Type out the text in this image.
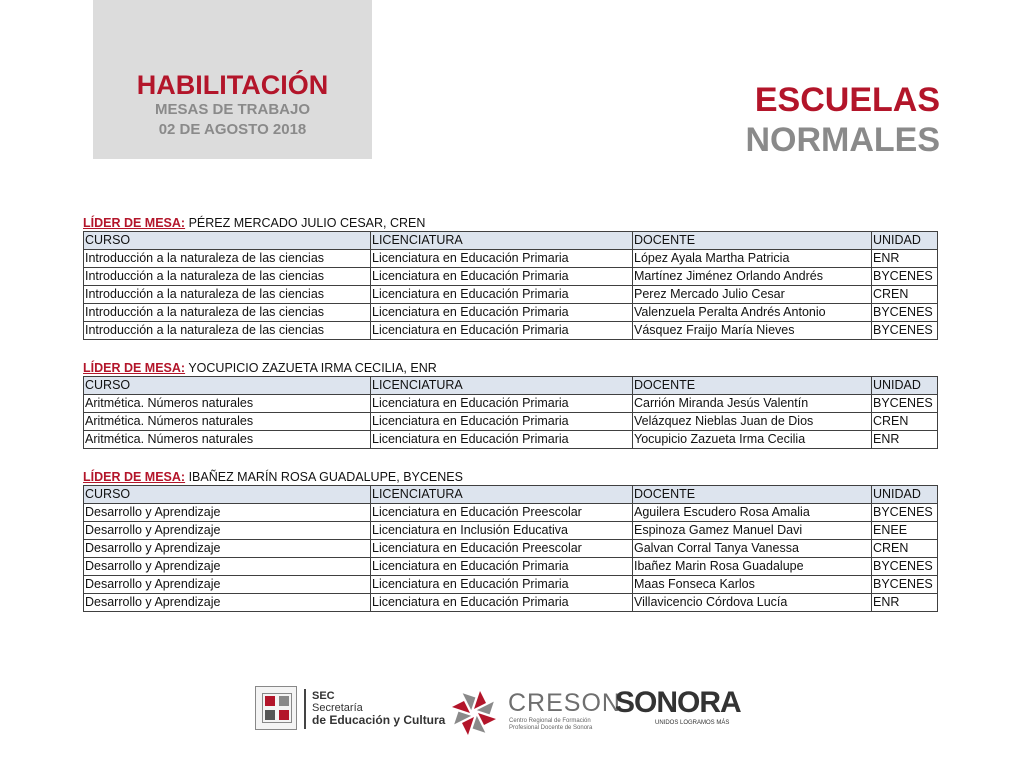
HABILITACIÓN
MESAS DE TRABAJO
02 DE AGOSTO 2018
ESCUELAS NORMALES
LÍDER DE MESA: PÉREZ MERCADO JULIO CESAR, CREN
CURSO	LICENCIATURA	DOCENTE	UNIDAD
Introducción a la naturaleza de las ciencias	Licenciatura en Educación Primaria	López Ayala Martha Patricia	ENR
Introducción a la naturaleza de las ciencias	Licenciatura en Educación Primaria	Martínez Jiménez Orlando Andrés	BYCENES
Introducción a la naturaleza de las ciencias	Licenciatura en Educación Primaria	Perez Mercado Julio Cesar	CREN
Introducción a la naturaleza de las ciencias	Licenciatura en Educación Primaria	Valenzuela Peralta Andrés Antonio	BYCENES
Introducción a la naturaleza de las ciencias	Licenciatura en Educación Primaria	Vásquez Fraijo María Nieves	BYCENES
LÍDER DE MESA: YOCUPICIO ZAZUETA IRMA CECILIA, ENR
CURSO	LICENCIATURA	DOCENTE	UNIDAD
Aritmética. Números naturales	Licenciatura en Educación Primaria	Carrión Miranda Jesús Valentín	BYCENES
Aritmética. Números naturales	Licenciatura en Educación Primaria	Velázquez Nieblas Juan de Dios	CREN
Aritmética. Números naturales	Licenciatura en Educación Primaria	Yocupicio Zazueta Irma Cecilia	ENR
LÍDER DE MESA: IBAÑEZ MARÍN ROSA GUADALUPE, BYCENES
CURSO	LICENCIATURA	DOCENTE	UNIDAD
Desarrollo y Aprendizaje	Licenciatura en Educación Preescolar	Aguilera Escudero Rosa Amalia	BYCENES
Desarrollo y Aprendizaje	Licenciatura en Inclusión Educativa	Espinoza Gamez Manuel Davi	ENEE
Desarrollo y Aprendizaje	Licenciatura en Educación Preescolar	Galvan Corral Tanya Vanessa	CREN
Desarrollo y Aprendizaje	Licenciatura en Educación Primaria	Ibañez Marin Rosa Guadalupe	BYCENES
Desarrollo y Aprendizaje	Licenciatura en Educación Primaria	Maas Fonseca Karlos	BYCENES
Desarrollo y Aprendizaje	Licenciatura en Educación Primaria	Villavicencio Córdova Lucía	ENR
SEC
Secretaría
de Educación y Cultura
CRESON
Centro Regional de Formación
Profesional Docente de Sonora
SONORA
UNIDOS LOGRAMOS MÁS
